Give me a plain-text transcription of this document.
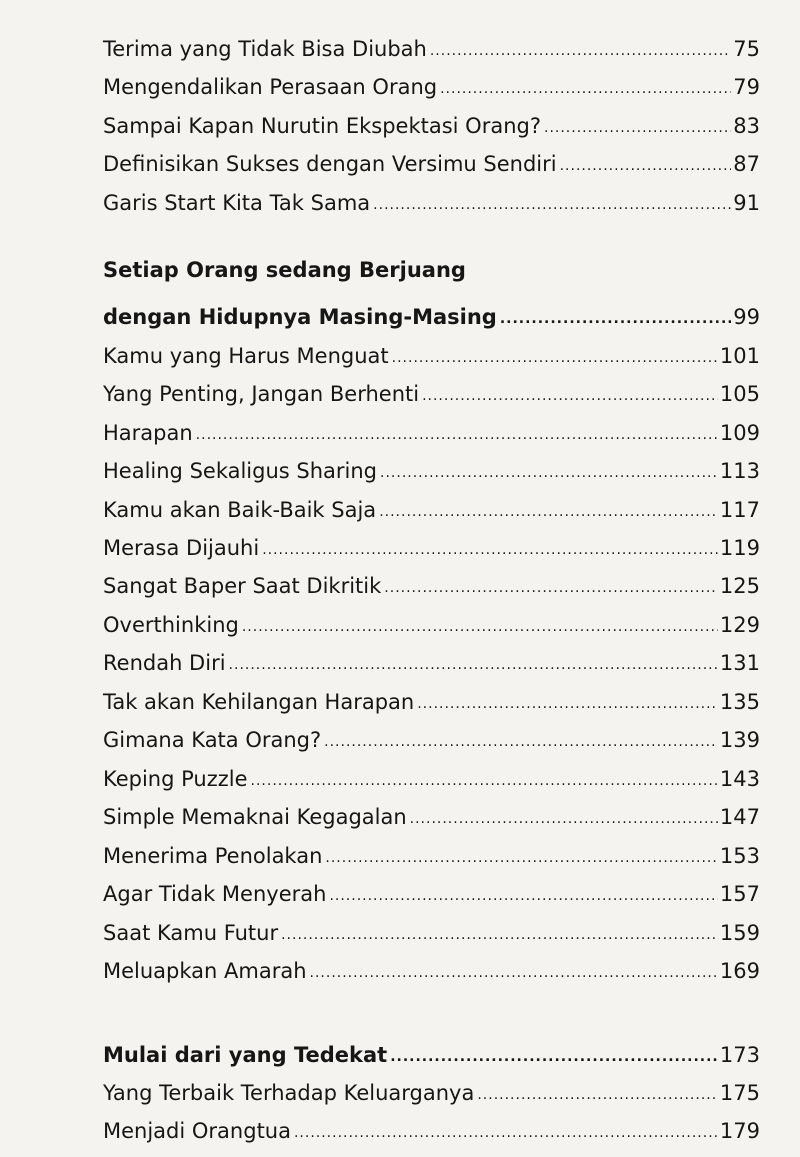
Terima yang Tidak Bisa Diubah .....	75
Mengendalikan Perasaan Orang .....	79
Sampai Kapan Nurutin Ekspektasi Orang? .....	83
Definisikan Sukses dengan Versimu Sendiri .....	87
Garis Start Kita Tak Sama .....	91
Setiap Orang sedang Berjuang
dengan Hidupnya Masing-Masing .....	99
Kamu yang Harus Menguat .....	101
Yang Penting, Jangan Berhenti .....	105
Harapan .....	109
Healing Sekaligus Sharing .....	113
Kamu akan Baik-Baik Saja .....	117
Merasa Dijauhi .....	119
Sangat Baper Saat Dikritik .....	125
Overthinking .....	129
Rendah Diri .....	131
Tak akan Kehilangan Harapan .....	135
Gimana Kata Orang? .....	139
Keping Puzzle .....	143
Simple Memaknai Kegagalan .....	147
Menerima Penolakan .....	153
Agar Tidak Menyerah .....	157
Saat Kamu Futur .....	159
Meluapkan Amarah .....	169
Mulai dari yang Tedekat .....	173
Yang Terbaik Terhadap Keluarganya .....	175
Menjadi Orangtua .....	179
